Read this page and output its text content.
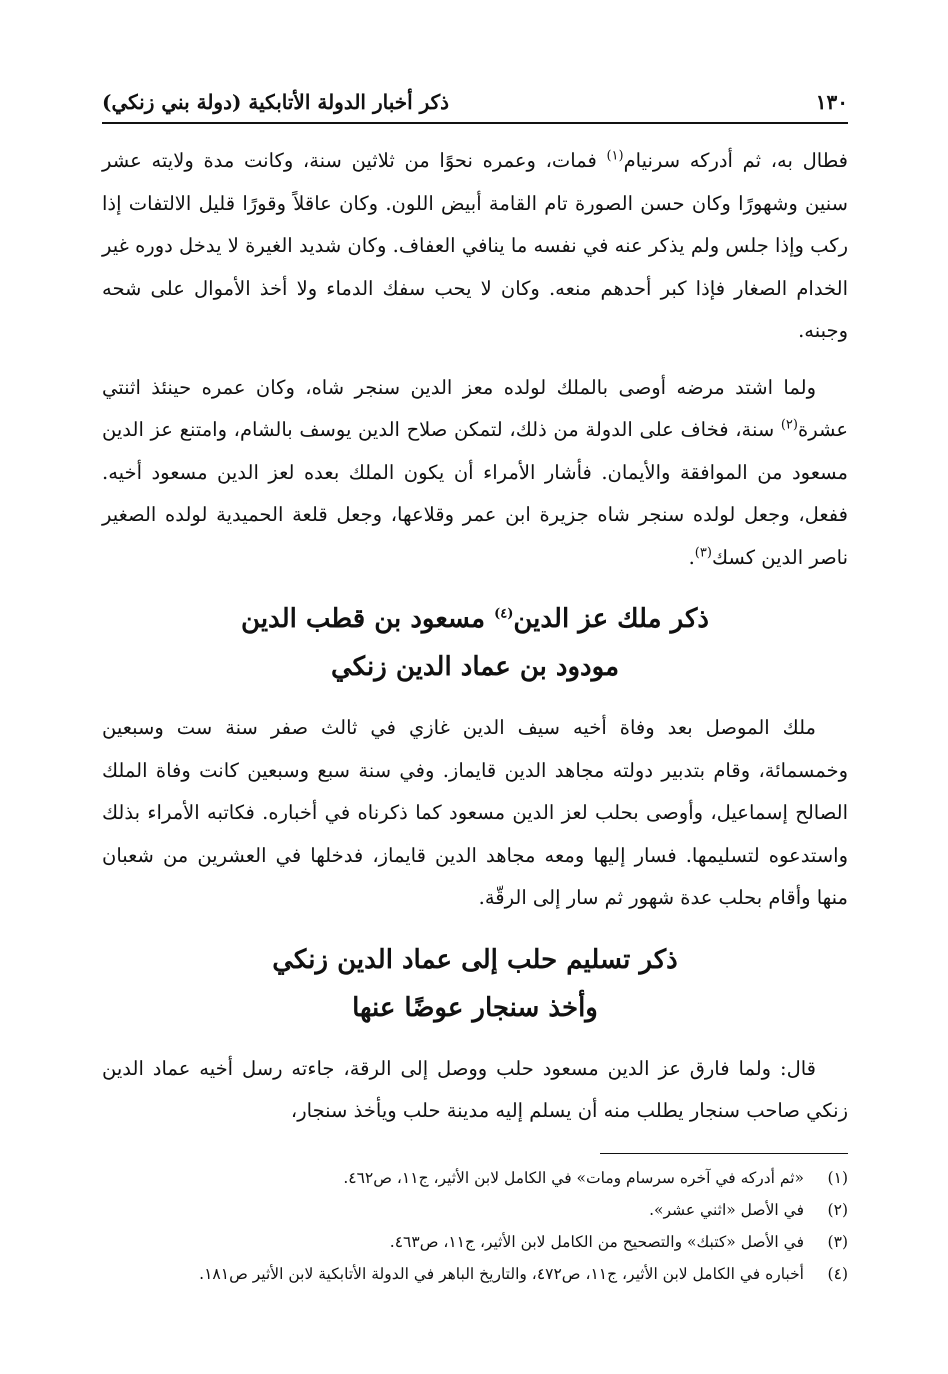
١٣٠
ذكر أخبار الدولة الأتابكية (دولة بني زنكي)

فطال به، ثم أدركه سرنيام$^{(١)}$ فمات، وعمره نحوًا من ثلاثين سنة، وكانت مدة ولايته عشر سنين وشهورًا وكان حسن الصورة تام القامة أبيض اللون. وكان عاقلاً وقورًا قليل الالتفات إذا ركب وإذا جلس ولم يذكر عنه في نفسه ما ينافي العفاف. وكان شديد الغيرة لا يدخل دوره غير الخدام الصغار فإذا كبر أحدهم منعه. وكان لا يحب سفك الدماء ولا أخذ الأموال على شحه وجبنه.

ولما اشتد مرضه أوصى بالملك لولده معز الدين سنجر شاه، وكان عمره حينئذ اثنتي عشرة$^{(٢)}$ سنة، فخاف على الدولة من ذلك، لتمكن صلاح الدين يوسف بالشام، وامتنع عز الدين مسعود من الموافقة والأيمان. فأشار الأمراء أن يكون الملك بعده لعز الدين مسعود أخيه. ففعل، وجعل لولده سنجر شاه جزيرة ابن عمر وقلاعها، وجعل قلعة الحميدية لولده الصغير ناصر الدين كسك$^{(٣)}$.

ذكر ملك عز الدين$^{(٤)}$ مسعود بن قطب الدين
مودود بن عماد الدين زنكي

ملك الموصل بعد وفاة أخيه سيف الدين غازي في ثالث صفر سنة ست وسبعين وخمسمائة، وقام بتدبير دولته مجاهد الدين قايماز. وفي سنة سبع وسبعين كانت وفاة الملك الصالح إسماعيل، وأوصى بحلب لعز الدين مسعود كما ذكرناه في أخباره. فكاتبه الأمراء بذلك واستدعوه لتسليمها. فسار إليها ومعه مجاهد الدين قايماز، فدخلها في العشرين من شعبان منها وأقام بحلب عدة شهور ثم سار إلى الرقّة.

ذكر تسليم حلب إلى عماد الدين زنكي
وأخذ سنجار عوضًا عنها

قال: ولما فارق عز الدين مسعود حلب ووصل إلى الرقة، جاءته رسل أخيه عماد الدين زنكي صاحب سنجار يطلب منه أن يسلم إليه مدينة حلب ويأخذ سنجار،

(١)
«ثم أدركه في آخره سرسام ومات» في الكامل لابن الأثير، ج١١، ص٤٦٢.
(٢)
في الأصل «اثني عشر».
(٣)
في الأصل «كتبك» والتصحيح من الكامل لابن الأثير، ج١١، ص٤٦٣.
(٤)
أخباره في الكامل لابن الأثير، ج١١، ص٤٧٢، والتاريخ الباهر في الدولة الأتابكية لابن الأثير ص١٨١.
